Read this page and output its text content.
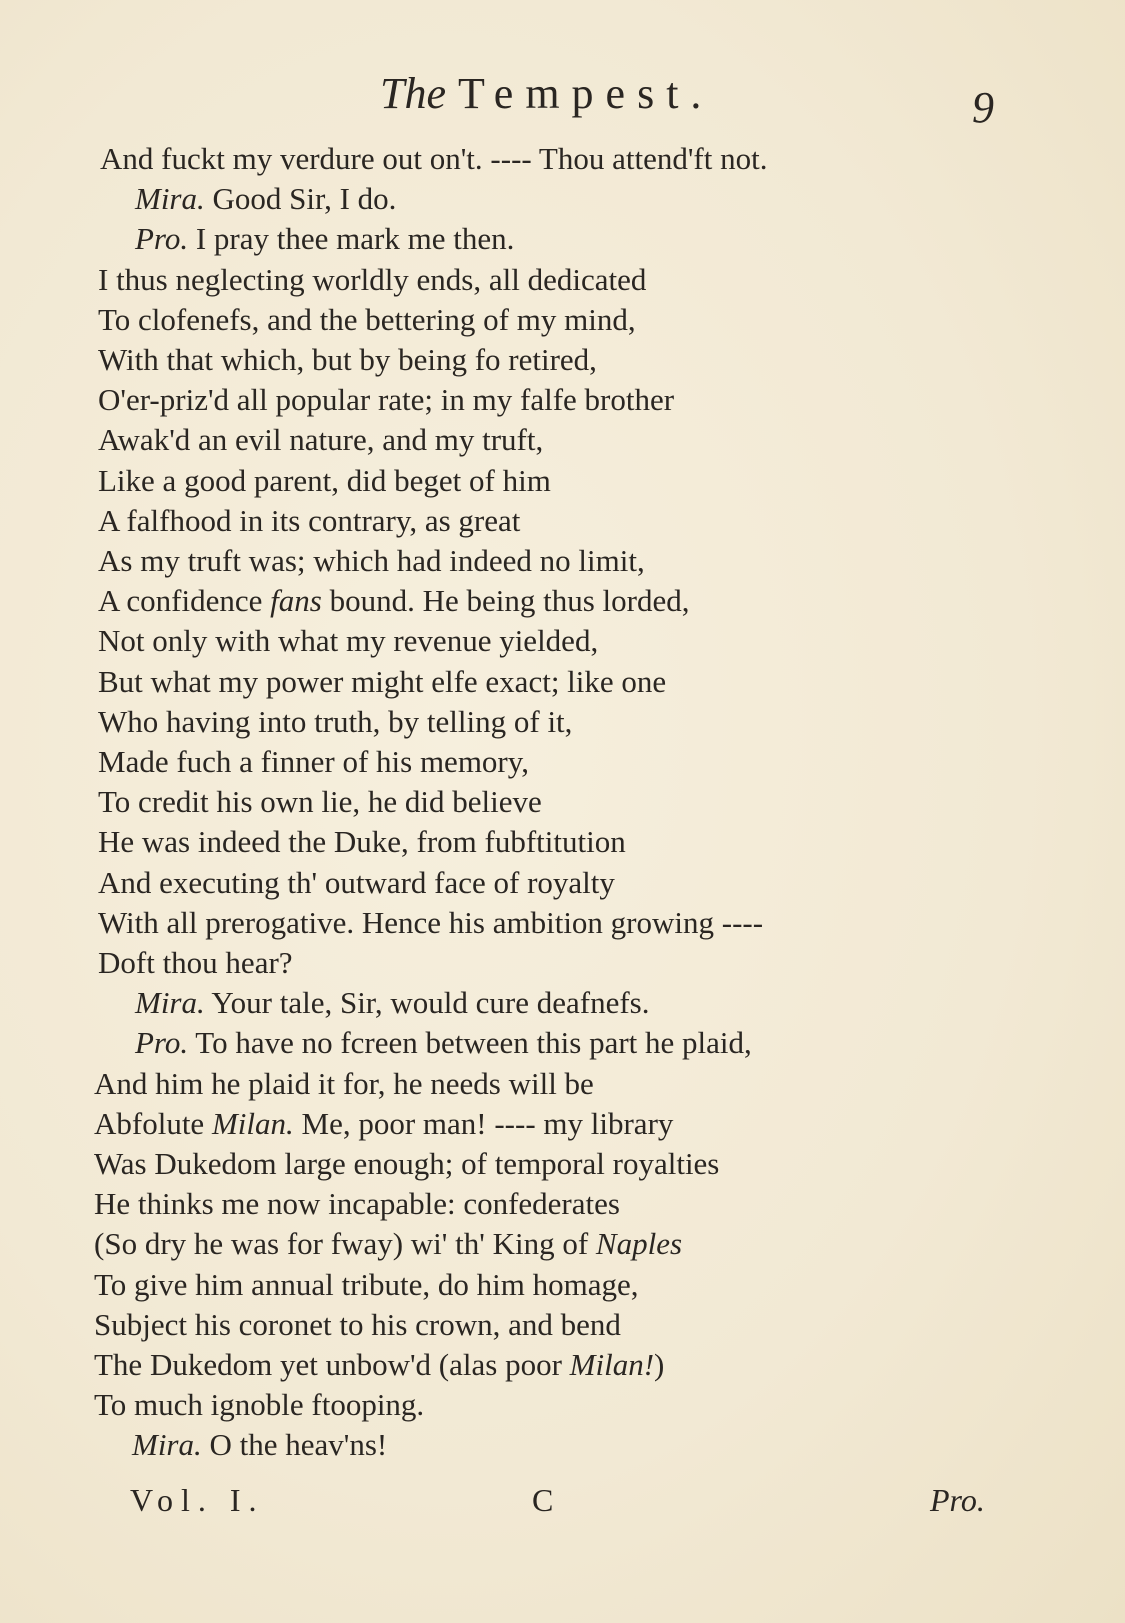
The Tempest.	9
And fuckt my verdure out on't. ---- Thou attend'ft not.
Mira. Good Sir, I do.
Pro. I pray thee mark me then.
I thus neglecting worldly ends, all dedicated
To clofenefs, and the bettering of my mind,
With that which, but by being fo retired,
O'er-priz'd all popular rate; in my falfe brother
Awak'd an evil nature, and my truft,
Like a good parent, did beget of him
A falfhood in its contrary, as great
As my truft was; which had indeed no limit,
A confidence fans bound. He being thus lorded,
Not only with what my revenue yielded,
But what my power might elfe exact; like one
Who having into truth, by telling of it,
Made fuch a finner of his memory,
To credit his own lie, he did believe
He was indeed the Duke, from fubftitution
And executing th' outward face of royalty
With all prerogative. Hence his ambition growing ----
Doft thou hear?
Mira. Your tale, Sir, would cure deafnefs.
Pro. To have no fcreen between this part he plaid,
And him he plaid it for, he needs will be
Abfolute Milan. Me, poor man! ---- my library
Was Dukedom large enough; of temporal royalties
He thinks me now incapable: confederates
(So dry he was for fway) wi' th' King of Naples
To give him annual tribute, do him homage,
Subject his coronet to his crown, and bend
The Dukedom yet unbow'd (alas poor Milan!)
To much ignoble ftooping.
Mira. O the heav'ns!
Vol. I.	C	Pro.
